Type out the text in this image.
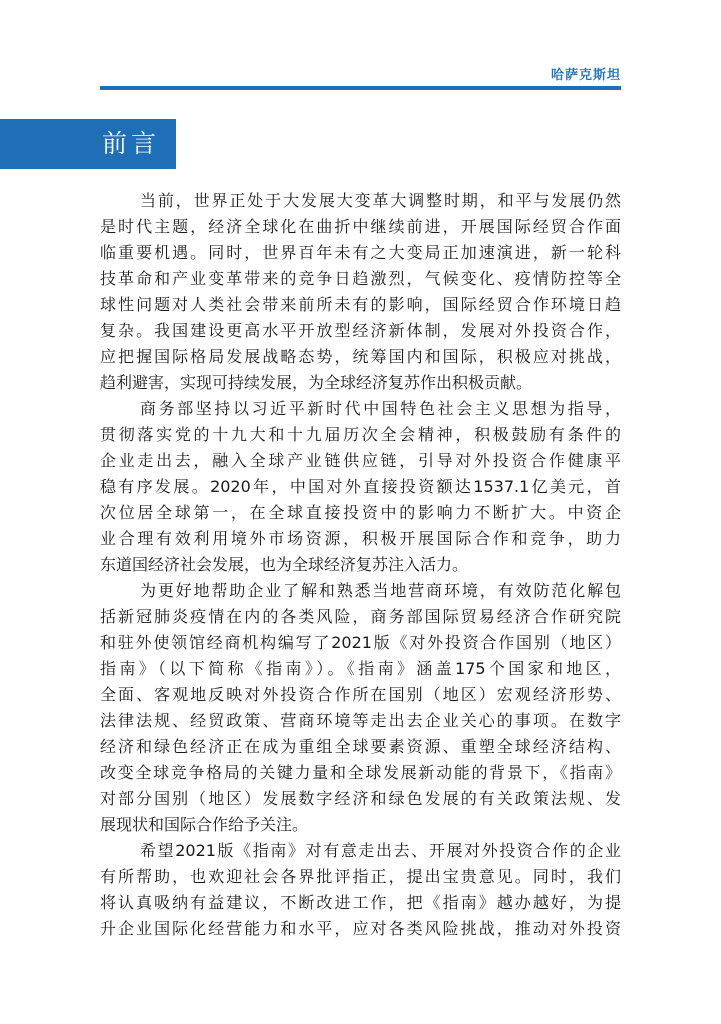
哈萨克斯坦
前言
当前，世界正处于大发展大变革大调整时期，和平与发展仍然
是时代主题，经济全球化在曲折中继续前进，开展国际经贸合作面
临重要机遇。同时，世界百年未有之大变局正加速演进，新一轮科
技革命和产业变革带来的竞争日趋激烈，气候变化、疫情防控等全
球性问题对人类社会带来前所未有的影响，国际经贸合作环境日趋
复杂。我国建设更高水平开放型经济新体制，发展对外投资合作，
应把握国际格局发展战略态势，统筹国内和国际，积极应对挑战，
趋利避害，实现可持续发展，为全球经济复苏作出积极贡献。
商务部坚持以习近平新时代中国特色社会主义思想为指导，
贯彻落实党的十九大和十九届历次全会精神，积极鼓励有条件的
企业走出去，融入全球产业链供应链，引导对外投资合作健康平
稳有序发展。2020年，中国对外直接投资额达1537.1亿美元，首
次位居全球第一，在全球直接投资中的影响力不断扩大。中资企
业合理有效利用境外市场资源，积极开展国际合作和竞争，助力
东道国经济社会发展，也为全球经济复苏注入活力。
为更好地帮助企业了解和熟悉当地营商环境，有效防范化解包
括新冠肺炎疫情在内的各类风险，商务部国际贸易经济合作研究院
和驻外使领馆经商机构编写了2021版《对外投资合作国别（地区）
指南》（以下简称《指南》）。《指南》涵盖175个国家和地区，
全面、客观地反映对外投资合作所在国别（地区）宏观经济形势、
法律法规、经贸政策、营商环境等走出去企业关心的事项。在数字
经济和绿色经济正在成为重组全球要素资源、重塑全球经济结构、
改变全球竞争格局的关键力量和全球发展新动能的背景下，《指南》
对部分国别（地区）发展数字经济和绿色发展的有关政策法规、发
展现状和国际合作给予关注。
希望2021版《指南》对有意走出去、开展对外投资合作的企业
有所帮助，也欢迎社会各界批评指正，提出宝贵意见。同时，我们
将认真吸纳有益建议，不断改进工作，把《指南》越办越好，为提
升企业国际化经营能力和水平，应对各类风险挑战，推动对外投资
